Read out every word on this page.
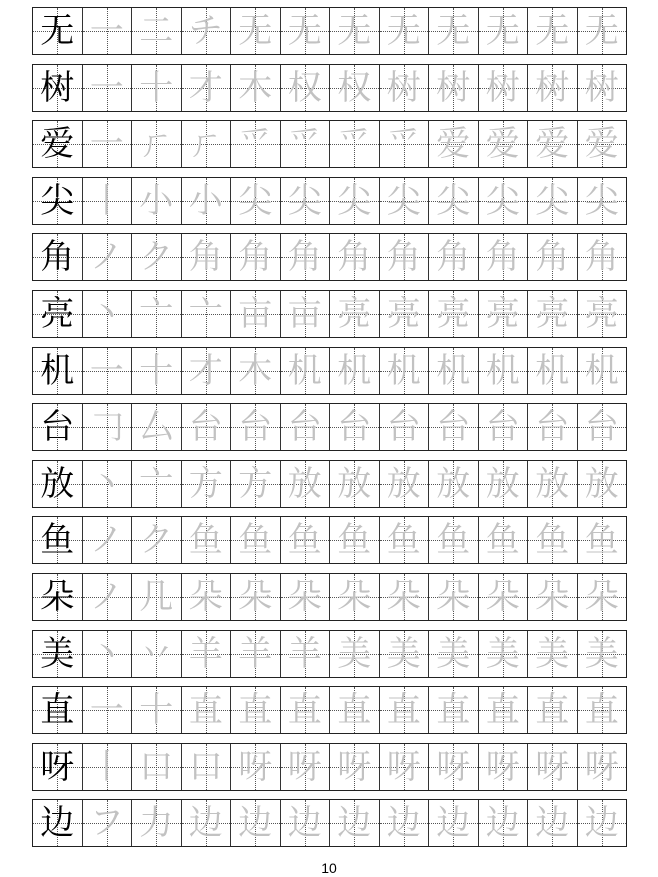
无 一 二 チ 无 无 无 无 无 无 无 无
树 一 十 才 木 权 权 树 树 树 树 树
爱 一 ㄏ ㄏ 爫 爫 爫 爫 爱 爱 爱 爱
尖 丨 小 小 尖 尖 尖 尖 尖 尖 尖 尖
角 ノ ク 角 角 角 角 角 角 角 角 角
亮 丶 亠 亠 亩 亩 亮 亮 亮 亮 亮 亮
机 一 十 才 木 机 机 机 机 机 机 机
台 𠃌 厶 台 台 台 台 台 台 台 台 台
放 丶 亠 方 方 放 放 放 放 放 放 放
鱼 ノ ク 鱼 鱼 鱼 鱼 鱼 鱼 鱼 鱼 鱼
朵 ノ 几 朵 朵 朵 朵 朵 朵 朵 朵 朵
美 丶 丷 羊 羊 羊 美 美 美 美 美 美
直 一 十 直 直 直 直 直 直 直 直 直
呀 丨 口 口 呀 呀 呀 呀 呀 呀 呀 呀
边 フ 力 边 边 边 边 边 边 边 边 边
10
